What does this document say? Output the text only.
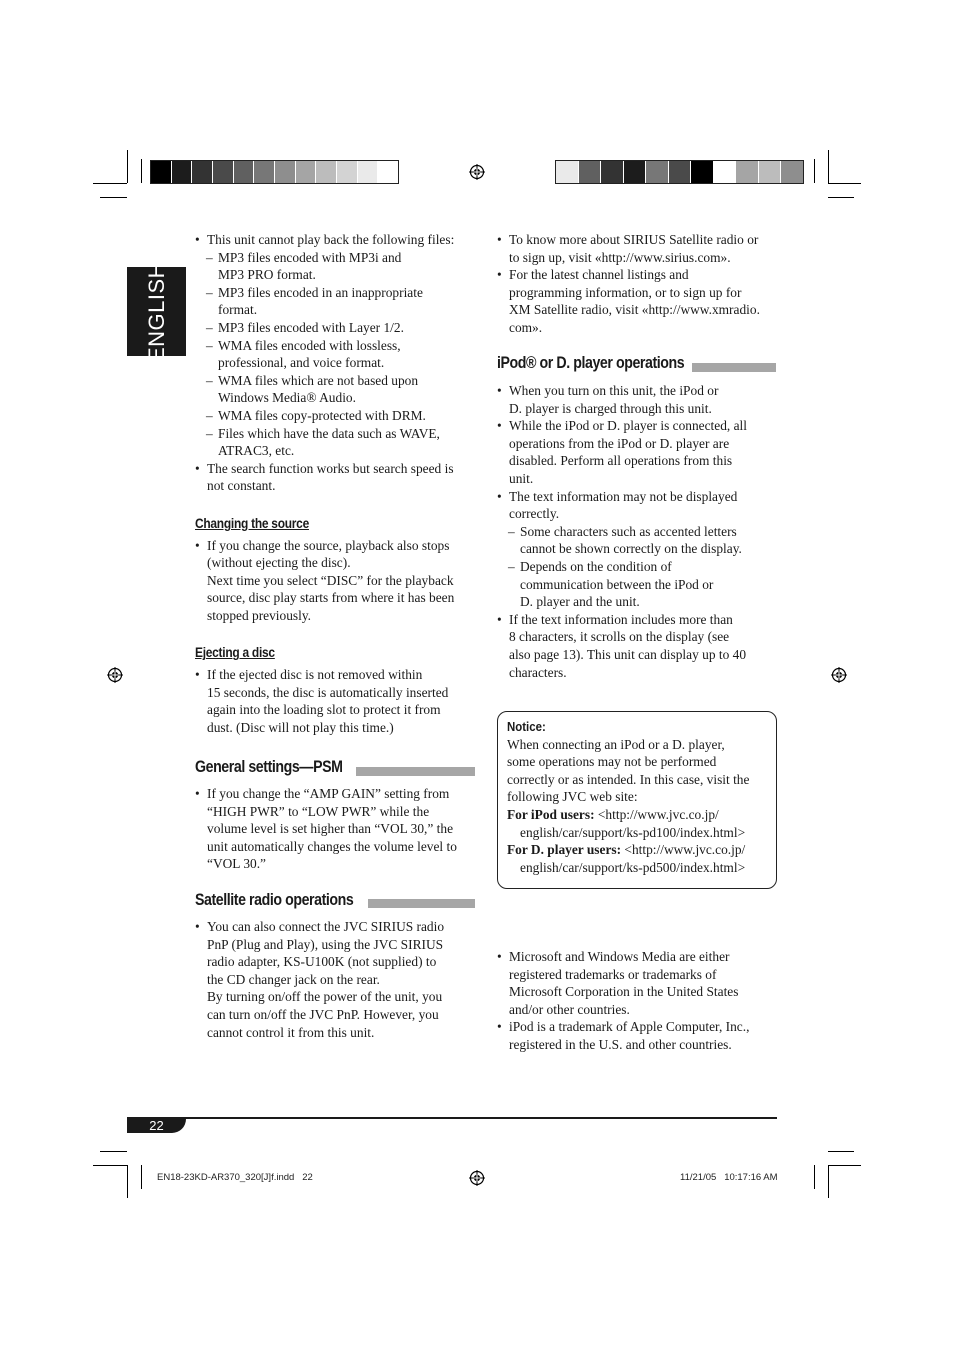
ENGLISH
• This unit cannot play back the following files:
– MP3 files encoded with MP3i and
MP3 PRO format.
– MP3 files encoded in an inappropriate
format.
– MP3 files encoded with Layer 1/2.
– WMA files encoded with lossless,
professional, and voice format.
– WMA files which are not based upon
Windows Media® Audio.
– WMA files copy-protected with DRM.
– Files which have the data such as WAVE,
ATRAC3, etc.
• The search function works but search speed is
not constant.
Changing the source
• If you change the source, playback also stops
(without ejecting the disc).
Next time you select “DISC” for the playback
source, disc play starts from where it has been
stopped previously.
Ejecting a disc
• If the ejected disc is not removed within
15 seconds, the disc is automatically inserted
again into the loading slot to protect it from
dust. (Disc will not play this time.)
General settings—PSM
• If you change the “AMP GAIN” setting from
“HIGH PWR” to “LOW PWR” while the
volume level is set higher than “VOL 30,” the
unit automatically changes the volume level to
“VOL 30.”
Satellite radio operations
• You can also connect the JVC SIRIUS radio
PnP (Plug and Play), using the JVC SIRIUS
radio adapter, KS-U100K (not supplied) to
the CD changer jack on the rear.
By turning on/off the power of the unit, you
can turn on/off the JVC PnP. However, you
cannot control it from this unit.
• To know more about SIRIUS Satellite radio or
to sign up, visit «http://www.sirius.com».
• For the latest channel listings and
programming information, or to sign up for
XM Satellite radio, visit «http://www.xmradio.
com».
iPod® or D. player operations
• When you turn on this unit, the iPod or
D. player is charged through this unit.
• While the iPod or D. player is connected, all
operations from the iPod or D. player are
disabled. Perform all operations from this
unit.
• The text information may not be displayed
correctly.
– Some characters such as accented letters
cannot be shown correctly on the display.
– Depends on the condition of
communication between the iPod or
D. player and the unit.
• If the text information includes more than
8 characters, it scrolls on the display (see
also page 13). This unit can display up to 40
characters.
Notice:
When connecting an iPod or a D. player,
some operations may not be performed
correctly or as intended. In this case, visit the
following JVC web site:
For iPod users: <http://www.jvc.co.jp/
english/car/support/ks-pd100/index.html>
For D. player users: <http://www.jvc.co.jp/
english/car/support/ks-pd500/index.html>
• Microsoft and Windows Media are either
registered trademarks or trademarks of
Microsoft Corporation in the United States
and/or other countries.
• iPod is a trademark of Apple Computer, Inc.,
registered in the U.S. and other countries.
22
EN18-23KD-AR370_320[J]f.indd   22	11/21/05   10:17:16 AM
